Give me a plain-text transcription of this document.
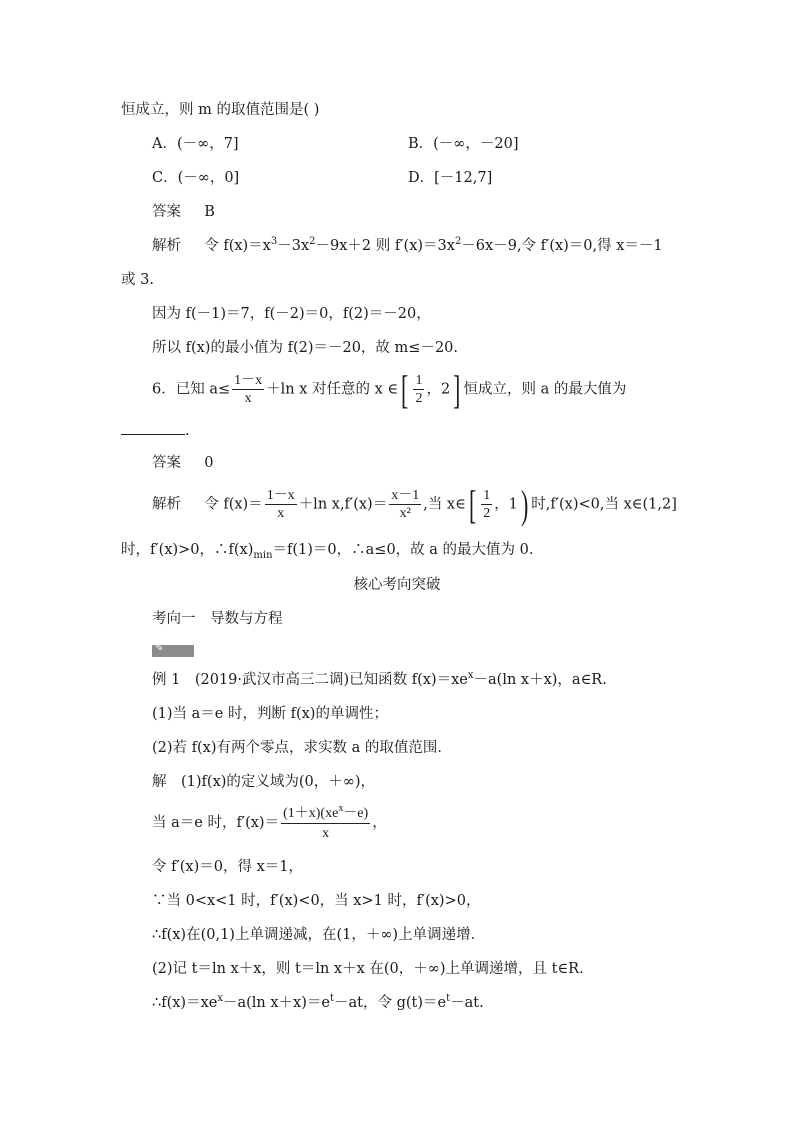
恒成立，则 m 的取值范围是( )
A．(－∞，7]	B．(－∞，－20]
C．(－∞，0]	D．[－12,7]
答案 B
解析 令 $f(x)=x^3-3x^2-9x+2$ 则 $f'(x)=3x^2-6x-9$,令 f′(x)＝0,得 x＝－1
或 3.
因为 f(－1)＝7，f(－2)＝0，f(2)＝－20，
所以 f(x)的最小值为 f(2)＝－20，故 m≤－20.
6．已知 $a\le \frac{1-x}{x} +\ln$ x 对任意的 x ∈[ $\frac{1}{2}$ ，2] 恒成立，则 a 的最大值为
.
答案 0
解析 令 $f(x)= \frac{1-x}{x} +\ln$ $x,f'(x)= \frac{x-1}{\text{x²}}$ ,当 x∈[ $\frac{1}{2}$ ，1) 时,f′(x)<0,当 x∈(1,2]
时，f′(x)>0，$\therefore f(x)_{min}=f(1)=0$，∴a≤0，故 a 的最大值为 0.
核心考向突破
考向一　导数与方程
✎
例 1　(2019·武汉市高三二调)已知函数 $f(x)=xe^x-a(\ln$ x＋x)，a∈R.
(1)当 a＝e 时，判断 f(x)的单调性；
(2)若 f(x)有两个零点，求实数 a 的取值范围．
解　(1)f(x)的定义域为(0，＋∞)，
当 a＝e 时，$f'(x)= \frac{(1+x)(xe^x-e)}{x}$ ，
令 f′(x)＝0，得 x＝1，
∵当 0<x<1 时，f′(x)<0，当 x>1 时，f′(x)>0，
∴f(x)在(0,1)上单调递减，在(1，＋∞)上单调递增．
(2)记 t＝ln x＋x，则 t＝ln x＋x 在(0，＋∞)上单调递增，且 t∈R.
$\therefore f(x)=xe^x-a(\ln$ $x+x)=e^t-at$，令 $g(t)=e^t-at$.
